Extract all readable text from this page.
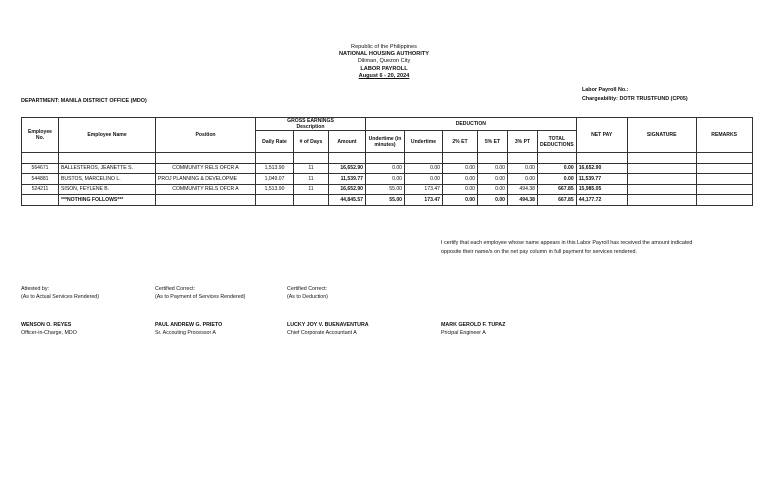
Republic of the Philippines
NATIONAL HOUSING AUTHORITY
Diliman, Quezon City
LABOR PAYROLL
August 6 - 20, 2024
DEPARTMENT: MANILA DISTRICT OFFICE (MDO)
Labor Payroll No.:
Chargeability: DOTR TRUSTFUND (CP05)
Employee No.	Employee Name	Position	GROSS EARNINGS			DEDUCTION						NET PAY	SIGNATURE	REMARKS
			Description											
			Daily Rate	# of Days	Amount	Undertime (in minutes)	Undertime	2% ET	5% ET	3% PT	TOTAL DEDUCTIONS			

564671	BALLESTEROS, JEANETTE S.	COMMUNITY RELS OFCR A	1,513.90	11	16,652.90	0.00	0.00	0.00	0.00	0.00	0.00	16,652.90		
544881	BUSTOS, MARCELINO L.	PROJ PLANNING & DEVELOPME	1,049.07	11	11,539.77	0.00	0.00	0.00	0.00	0.00	0.00	11,539.77		
524211	SISON, FEYLENE B.	COMMUNITY RELS OFCR A	1,513.90	11	16,652.90	55.00	173.47	0.00	0.00	494.38	667.85	15,985.05		
	***NOTHING FOLLOWS***				44,845.57	55.00	173.47	0.00	0.00	494.38	667.85	44,177.72		
I certify that each employee whose name appears in this Labor Payroll has received the amount indicated opposite their name/s on the net pay column in full payment for services rendered.
Attested by:
(As to Actual Services Rendered)
Certified Correct:
(As to Payment of Services Rendered)
Certified Correct:
(As to Deduction)
WENSON O. REYES
Officer-in-Charge, MDO
PAUL ANDREW G. PRIETO
Sr. Accouting Processor A
LUCKY JOY V. BUENAVENTURA
Chief Corporate Accountant A
MARK GEROLD F. TUPAZ
Pricipal Engineer A
